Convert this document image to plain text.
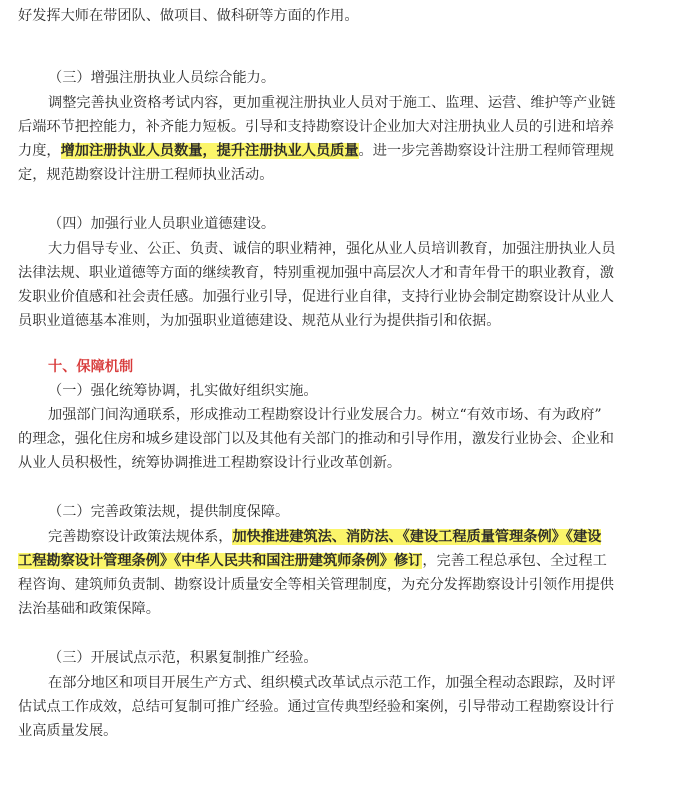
好发挥大师在带团队、做项目、做科研等方面的作用。
（三）增强注册执业人员综合能力。
调整完善执业资格考试内容，更加重视注册执业人员对于施工、监理、运营、维护等产业链
后端环节把控能力，补齐能力短板。引导和支持勘察设计企业加大对注册执业人员的引进和培养
力度，增加注册执业人员数量，提升注册执业人员质量。进一步完善勘察设计注册工程师管理规
定，规范勘察设计注册工程师执业活动。
（四）加强行业人员职业道德建设。
大力倡导专业、公正、负责、诚信的职业精神，强化从业人员培训教育，加强注册执业人员
法律法规、职业道德等方面的继续教育，特别重视加强中高层次人才和青年骨干的职业教育，激
发职业价值感和社会责任感。加强行业引导，促进行业自律，支持行业协会制定勘察设计从业人
员职业道德基本准则，为加强职业道德建设、规范从业行为提供指引和依据。
十、保障机制
（一）强化统筹协调，扎实做好组织实施。
加强部门间沟通联系，形成推动工程勘察设计行业发展合力。树立“有效市场、有为政府”
的理念，强化住房和城乡建设部门以及其他有关部门的推动和引导作用，激发行业协会、企业和
从业人员积极性，统筹协调推进工程勘察设计行业改革创新。
（二）完善政策法规，提供制度保障。
完善勘察设计政策法规体系，加快推进建筑法、消防法、《建设工程质量管理条例》《建设
工程勘察设计管理条例》《中华人民共和国注册建筑师条例》修订，完善工程总承包、全过程工
程咨询、建筑师负责制、勘察设计质量安全等相关管理制度，为充分发挥勘察设计引领作用提供
法治基础和政策保障。
（三）开展试点示范，积累复制推广经验。
在部分地区和项目开展生产方式、组织模式改革试点示范工作，加强全程动态跟踪，及时评
估试点工作成效，总结可复制可推广经验。通过宣传典型经验和案例，引导带动工程勘察设计行
业高质量发展。
